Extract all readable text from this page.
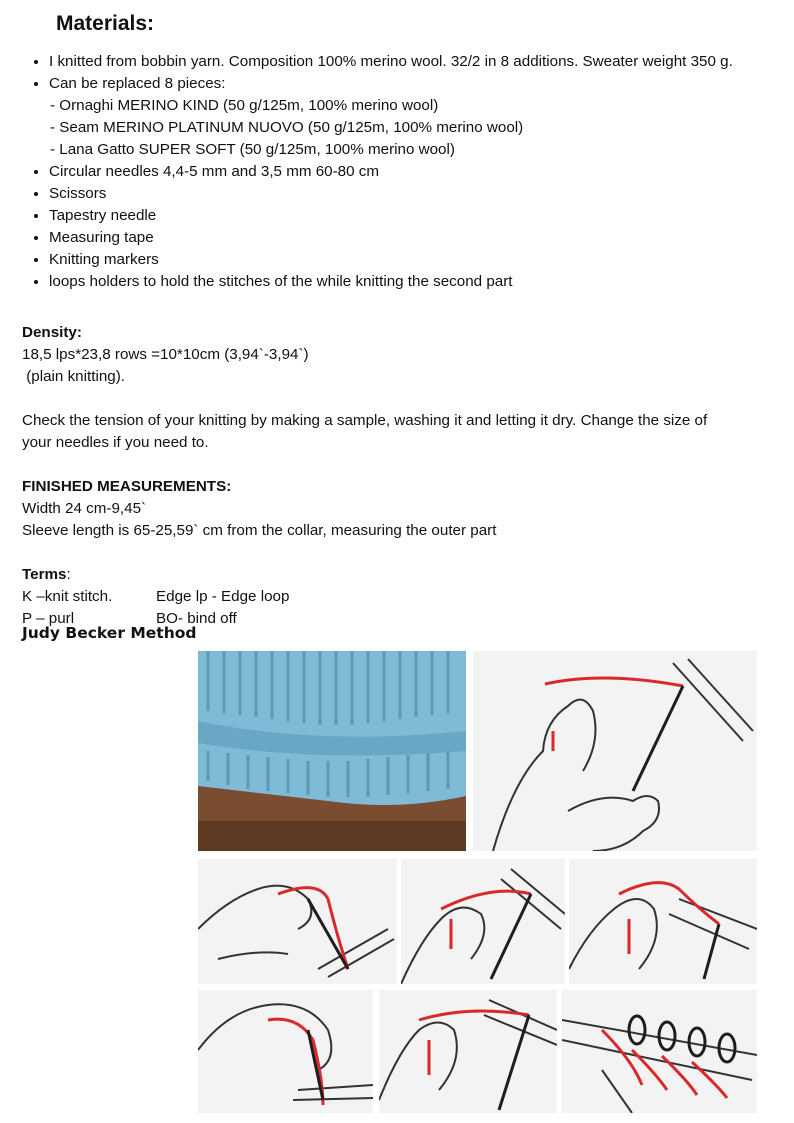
Materials:
• I knitted from bobbin yarn. Composition 100% merino wool. 32/2 in 8 additions. Sweater weight 350 g.
• Can be replaced 8 pieces:
- Ornaghi MERINO KIND (50 g/125m, 100% merino wool)
- Seam MERINO PLATINUM NUOVO (50 g/125m, 100% merino wool)
- Lana Gatto SUPER SOFT (50 g/125m, 100% merino wool)
• Circular needles 4,4-5 mm and 3,5 mm 60-80 cm
• Scissors
• Tapestry needle
• Measuring tape
• Knitting markers
• loops holders to hold the stitches of the while knitting the second part
Density:
18,5 lps*23,8 rows =10*10cm (3,94`-3,94`)
(plain knitting).
Check the tension of your knitting by making a sample, washing it and letting it dry. Change the size of
your needles if you need to.
FINISHED MEASUREMENTS:
Width 24 cm-9,45`
Sleeve length is 65-25,59` cm from the collar, measuring the outer part
Terms:
K –knit stitch.	Edge lp - Edge loop
P – purl	BO- bind off
Judy Becker Method
